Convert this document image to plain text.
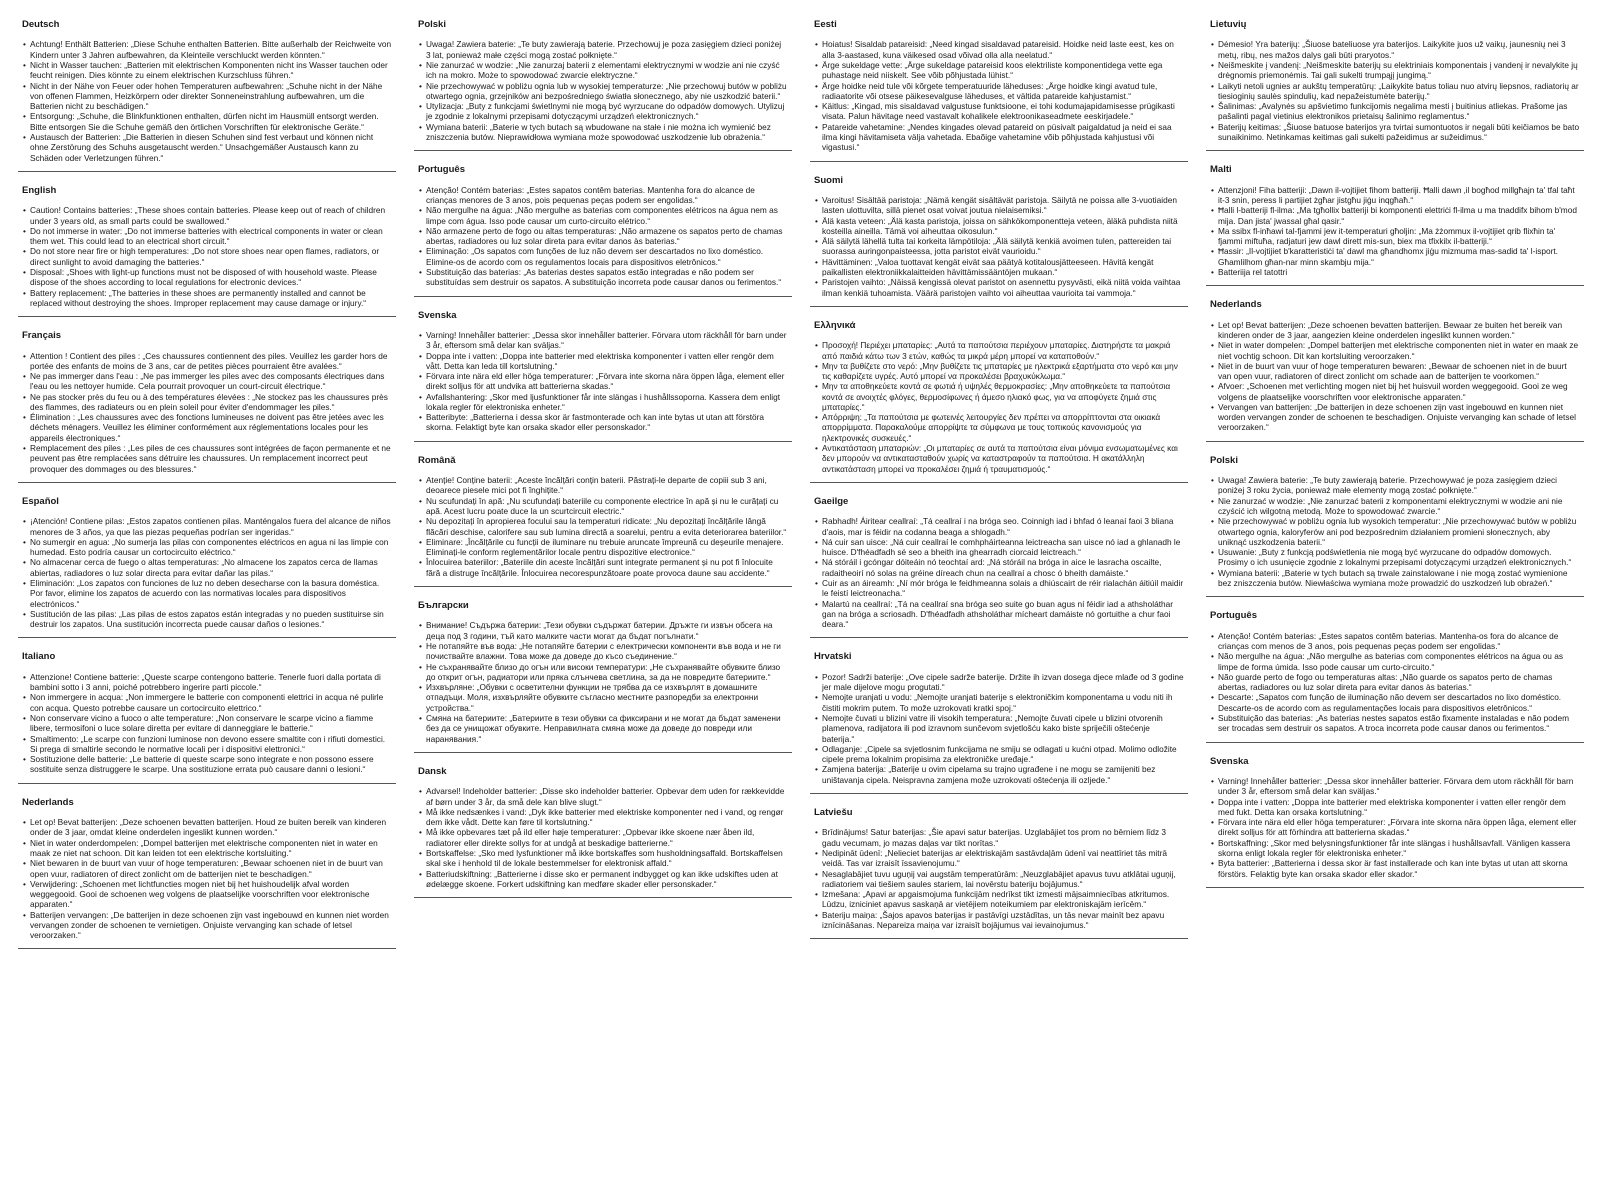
Deutsch
• Achtung! Enthält Batterien: „Diese Schuhe enthalten Batterien. Bitte außerhalb der Reichweite von Kindern unter 3 Jahren aufbewahren, da Kleinteile verschluckt werden könnten.“
• Nicht in Wasser tauchen: „Batterien mit elektrischen Komponenten nicht ins Wasser tauchen oder feucht reinigen. Dies könnte zu einem elektrischen Kurzschluss führen.“
• Nicht in der Nähe von Feuer oder hohen Temperaturen aufbewahren: „Schuhe nicht in der Nähe von offenen Flammen, Heizkörpern oder direkter Sonneneinstrahlung aufbewahren, um die Batterien nicht zu beschädigen.“
• Entsorgung: „Schuhe, die Blinkfunktionen enthalten, dürfen nicht im Hausmüll entsorgt werden. Bitte entsorgen Sie die Schuhe gemäß den örtlichen Vorschriften für elektronische Geräte.“
• Austausch der Batterien: „Die Batterien in diesen Schuhen sind fest verbaut und können nicht ohne Zerstörung des Schuhs ausgetauscht werden.“ Unsachgemäßer Austausch kann zu Schäden oder Verletzungen führen.“
English
• Caution! Contains batteries: „These shoes contain batteries. Please keep out of reach of children under 3 years old, as small parts could be swallowed.“
• Do not immerse in water: „Do not immerse batteries with electrical components in water or clean them wet. This could lead to an electrical short circuit.“
• Do not store near fire or high temperatures: „Do not store shoes near open flames, radiators, or direct sunlight to avoid damaging the batteries.“
• Disposal: „Shoes with light-up functions must not be disposed of with household waste. Please dispose of the shoes according to local regulations for electronic devices.“
• Battery replacement: „The batteries in these shoes are permanently installed and cannot be replaced without destroying the shoes. Improper replacement may cause damage or injury.“
Français
• Attention ! Contient des piles : „Ces chaussures contiennent des piles. Veuillez les garder hors de portée des enfants de moins de 3 ans, car de petites pièces pourraient être avalées.“
• Ne pas immerger dans l'eau : „Ne pas immerger les piles avec des composants électriques dans l'eau ou les nettoyer humide. Cela pourrait provoquer un court-circuit électrique.“
• Ne pas stocker près du feu ou à des températures élevées : „Ne stockez pas les chaussures près des flammes, des radiateurs ou en plein soleil pour éviter d'endommager les piles.“
• Élimination : „Les chaussures avec des fonctions lumineuses ne doivent pas être jetées avec les déchets ménagers. Veuillez les éliminer conformément aux réglementations locales pour les appareils électroniques.“
• Remplacement des piles : „Les piles de ces chaussures sont intégrées de façon permanente et ne peuvent pas être remplacées sans détruire les chaussures. Un remplacement incorrect peut provoquer des dommages ou des blessures.“
Español
• ¡Atención! Contiene pilas: „Estos zapatos contienen pilas. Manténgalos fuera del alcance de niños menores de 3 años, ya que las piezas pequeñas podrían ser ingeridas.“
• No sumergir en agua: „No sumerja las pilas con componentes eléctricos en agua ni las limpie con humedad. Esto podría causar un cortocircuito eléctrico.“
• No almacenar cerca de fuego o altas temperaturas: „No almacene los zapatos cerca de llamas abiertas, radiadores o luz solar directa para evitar dañar las pilas.“
• Eliminación: „Los zapatos con funciones de luz no deben desecharse con la basura doméstica. Por favor, elimine los zapatos de acuerdo con las normativas locales para dispositivos electrónicos.“
• Sustitución de las pilas: „Las pilas de estos zapatos están integradas y no pueden sustituirse sin destruir los zapatos. Una sustitución incorrecta puede causar daños o lesiones.“
Italiano
• Attenzione! Contiene batterie: „Queste scarpe contengono batterie. Tenerle fuori dalla portata di bambini sotto i 3 anni, poiché potrebbero ingerire parti piccole.“
• Non immergere in acqua: „Non immergere le batterie con componenti elettrici in acqua né pulirle con acqua. Questo potrebbe causare un cortocircuito elettrico.“
• Non conservare vicino a fuoco o alte temperature: „Non conservare le scarpe vicino a fiamme libere, termosifoni o luce solare diretta per evitare di danneggiare le batterie.“
• Smaltimento: „Le scarpe con funzioni luminose non devono essere smaltite con i rifiuti domestici. Si prega di smaltirle secondo le normative locali per i dispositivi elettronici.“
• Sostituzione delle batterie: „Le batterie di queste scarpe sono integrate e non possono essere sostituite senza distruggere le scarpe. Una sostituzione errata può causare danni o lesioni.“
Nederlands
• Let op! Bevat batterijen: „Deze schoenen bevatten batterijen. Houd ze buiten bereik van kinderen onder de 3 jaar, omdat kleine onderdelen ingeslikt kunnen worden.“
• Niet in water onderdompelen: „Dompel batterijen met elektrische componenten niet in water en maak ze niet nat schoon. Dit kan leiden tot een elektrische kortsluiting.“
• Niet bewaren in de buurt van vuur of hoge temperaturen: „Bewaar schoenen niet in de buurt van open vuur, radiatoren of direct zonlicht om de batterijen niet te beschadigen.“
• Verwijdering: „Schoenen met lichtfuncties mogen niet bij het huishoudelijk afval worden weggegooid. Gooi de schoenen weg volgens de plaatselijke voorschriften voor elektronische apparaten.“
• Batterijen vervangen: „De batterijen in deze schoenen zijn vast ingebouwd en kunnen niet worden vervangen zonder de schoenen te vernietigen. Onjuiste vervanging kan schade of letsel veroorzaken.“
Polski
• Uwaga! Zawiera baterie: „Te buty zawierają baterie. Przechowuj je poza zasięgiem dzieci poniżej 3 lat, ponieważ małe części mogą zostać połknięte.“
• Nie zanurzać w wodzie: „Nie zanurzaj baterii z elementami elektrycznymi w wodzie ani nie czyść ich na mokro. Może to spowodować zwarcie elektryczne.“
• Nie przechowywać w pobliżu ognia lub w wysokiej temperaturze: „Nie przechowuj butów w pobliżu otwartego ognia, grzejników ani bezpośredniego światła słonecznego, aby nie uszkodzić baterii.“
• Utylizacja: „Buty z funkcjami świetlnymi nie mogą być wyrzucane do odpadów domowych. Utylizuj je zgodnie z lokalnymi przepisami dotyczącymi urządzeń elektronicznych.“
• Wymiana baterii: „Baterie w tych butach są wbudowane na stałe i nie można ich wymienić bez zniszczenia butów. Nieprawidłowa wymiana może spowodować uszkodzenie lub obrażenia.“
Português
• Atenção! Contém baterias: „Estes sapatos contêm baterias. Mantenha fora do alcance de crianças menores de 3 anos, pois pequenas peças podem ser engolidas.“
• Não mergulhe na água: „Não mergulhe as baterias com componentes elétricos na água nem as limpe com água. Isso pode causar um curto-circuito elétrico.“
• Não armazene perto de fogo ou altas temperaturas: „Não armazene os sapatos perto de chamas abertas, radiadores ou luz solar direta para evitar danos às baterias.“
• Eliminação: „Os sapatos com funções de luz não devem ser descartados no lixo doméstico. Elimine-os de acordo com os regulamentos locais para dispositivos eletrônicos.“
• Substituição das baterias: „As baterias destes sapatos estão integradas e não podem ser substituídas sem destruir os sapatos. A substituição incorreta pode causar danos ou ferimentos.“
Svenska
• Varning! Innehåller batterier: „Dessa skor innehåller batterier. Förvara utom räckhåll för barn under 3 år, eftersom små delar kan sväljas.“
• Doppa inte i vatten: „Doppa inte batterier med elektriska komponenter i vatten eller rengör dem vått. Detta kan leda till kortslutning.“
• Förvara inte nära eld eller höga temperaturer: „Förvara inte skorna nära öppen låga, element eller direkt solljus för att undvika att batterierna skadas.“
• Avfallshantering: „Skor med ljusfunktioner får inte slängas i hushållssoporna. Kassera dem enligt lokala regler för elektroniska enheter.“
• Batteribyte: „Batterierna i dessa skor är fastmonterade och kan inte bytas ut utan att förstöra skorna. Felaktigt byte kan orsaka skador eller personskador.“
Română
• Atenție! Conține baterii: „Aceste încălțări conțin baterii. Păstrați-le departe de copiii sub 3 ani, deoarece piesele mici pot fi înghițite.“
• Nu scufundați în apă: „Nu scufundați bateriile cu componente electrice în apă și nu le curățați cu apă. Acest lucru poate duce la un scurtcircuit electric.“
• Nu depozitați în apropierea focului sau la temperaturi ridicate: „Nu depozitați încălțările lângă flăcări deschise, calorifere sau sub lumina directă a soarelui, pentru a evita deteriorarea bateriilor.“
• Eliminare: „Încălțările cu funcții de iluminare nu trebuie aruncate împreună cu deșeurile menajere. Eliminați-le conform reglementărilor locale pentru dispozitive electronice.“
• Înlocuirea bateriilor: „Bateriile din aceste încălțări sunt integrate permanent și nu pot fi înlocuite fără a distruge încălțările. Înlocuirea necorespunzătoare poate provoca daune sau accidente.“
Български
• Внимание! Съдържа батерии: „Тези обувки съдържат батерии. Дръжте ги извън обсега на деца под 3 години, тъй като малките части могат да бъдат погълнати.“
• Не потапяйте във вода: „Не потапяйте батерии с електрически компоненти във вода и не ги почиствайте влажни. Това може да доведе до късо съединение.“
• Не съхранявайте близо до огън или високи температури: „Не съхранявайте обувките близо до открит огън, радиатори или пряка слънчева светлина, за да не повредите батериите.“
• Изхвърляне: „Обувки с осветителни функции не трябва да се изхвърлят в домашните отпадъци. Моля, изхвърляйте обувките съгласно местните разпоредби за електронни устройства.“
• Смяна на батериите: „Батериите в тези обувки са фиксирани и не могат да бъдат заменени без да се унищожат обувките. Неправилната смяна може да доведе до повреди или наранявания.“
Dansk
• Advarsel! Indeholder batterier: „Disse sko indeholder batterier. Opbevar dem uden for rækkevidde af børn under 3 år, da små dele kan blive slugt.“
• Må ikke nedsænkes i vand: „Dyk ikke batterier med elektriske komponenter ned i vand, og rengør dem ikke vådt. Dette kan føre til kortslutning.“
• Må ikke opbevares tæt på ild eller høje temperaturer: „Opbevar ikke skoene nær åben ild, radiatorer eller direkte sollys for at undgå at beskadige batterierne.“
• Bortskaffelse: „Sko med lysfunktioner må ikke bortskaffes som husholdningsaffald. Bortskaffelsen skal ske i henhold til de lokale bestemmelser for elektronisk affald.“
• Batteriudskiftning: „Batterierne i disse sko er permanent indbygget og kan ikke udskiftes uden at ødelægge skoene. Forkert udskiftning kan medføre skader eller personskader.“
Eesti
• Hoiatus! Sisaldab patareisid: „Need kingad sisaldavad patareisid. Hoidke neid laste eest, kes on alla 3-aastased, kuna väikesed osad võivad olla alla neelatud.“
• Ärge sukeldage vette: „Ärge sukeldage patareisid koos elektriliste komponentidega vette ega puhastage neid niiskelt. See võib põhjustada lühist.“
• Ärge hoidke neid tule või kõrgete temperatuuride läheduses: „Ärge hoidke kingi avatud tule, radiaatorite või otsese päikesevalguse läheduses, et vältida patareide kahjustamist.“
• Käitlus: „Kingad, mis sisaldavad valgustuse funktsioone, ei tohi kodumajapidamisesse prügikasti visata. Palun hävitage need vastavalt kohalikele elektroonikaseadmete eeskirjadele.“
• Patareide vahetamine: „Nendes kingades olevad patareid on püsivalt paigaldatud ja neid ei saa ilma kingi hävitamiseta välja vahetada. Ebaõige vahetamine võib põhjustada kahjustusi või vigastusi.“
Suomi
• Varoitus! Sisältää paristoja: „Nämä kengät sisältävät paristoja. Säilytä ne poissa alle 3-vuotiaiden lasten ulottuvilta, sillä pienet osat voivat joutua nielaisemiksi.“
• Älä kasta veteen: „Älä kasta paristoja, joissa on sähkökomponentteja veteen, äläkä puhdista niitä kosteilla aineilla. Tämä voi aiheuttaa oikosulun.“
• Älä säilytä lähellä tulta tai korkeita lämpötiloja: „Älä säilytä kenkiä avoimen tulen, pattereiden tai suorassa auringonpaisteessa, jotta paristot eivät vaurioidu.“
• Hävittäminen: „Valoa tuottavat kengät eivät saa päätyä kotitalousjätteeseen. Hävitä kengät paikallisten elektroniikkalaitteiden hävittämissääntöjen mukaan.“
• Paristojen vaihto: „Näissä kengissä olevat paristot on asennettu pysyvästi, eikä niitä voida vaihtaa ilman kenkiä tuhoamista. Väärä paristojen vaihto voi aiheuttaa vaurioita tai vammoja.“
Ελληνικά
• Προσοχή! Περιέχει μπαταρίες: „Αυτά τα παπούτσια περιέχουν μπαταρίες. Διατηρήστε τα μακριά από παιδιά κάτω των 3 ετών, καθώς τα μικρά μέρη μπορεί να καταποθούν.“
• Μην τα βυθίζετε στο νερό: „Μην βυθίζετε τις μπαταρίες με ηλεκτρικά εξαρτήματα στο νερό και μην τις καθαρίζετε υγρές. Αυτό μπορεί να προκαλέσει βραχυκύκλωμα.“
• Μην τα αποθηκεύετε κοντά σε φωτιά ή υψηλές θερμοκρασίες: „Μην αποθηκεύετε τα παπούτσια κοντά σε ανοιχτές φλόγες, θερμοσίφωνες ή άμεσο ηλιακό φως, για να αποφύγετε ζημιά στις μπαταρίες.“
• Απόρριψη: „Τα παπούτσια με φωτεινές λειτουργίες δεν πρέπει να απορρίπτονται στα οικιακά απορρίμματα. Παρακαλούμε απορρίψτε τα σύμφωνα με τους τοπικούς κανονισμούς για ηλεκτρονικές συσκευές.“
• Αντικατάσταση μπαταριών: „Οι μπαταρίες σε αυτά τα παπούτσια είναι μόνιμα ενσωματωμένες και δεν μπορούν να αντικατασταθούν χωρίς να καταστραφούν τα παπούτσια. Η ακατάλληλη αντικατάσταση μπορεί να προκαλέσει ζημιά ή τραυματισμούς.“
Gaeilge
• Rabhadh! Áiritear ceallraí: „Tá ceallraí i na bróga seo. Coinnigh iad i bhfad ó leanaí faoi 3 bliana d'aois, mar is féidir na codanna beaga a shlogadh.“
• Ná cuir san uisce: „Ná cuir ceallraí le comhpháirteanna leictreacha san uisce nó iad a ghlanadh le huisce. D'fhéadfadh sé seo a bheith ina ghearradh ciorcaid leictreach.“
• Ná stóráil i gcóngar dóiteáin nó teochtaí ard: „Ná stóráil na bróga in aice le lasracha oscailte, radaitheoirí nó solas na gréine díreach chun na ceallraí a chosc ó bheith damáiste.“
• Cuir as an áireamh: „Ní mór bróga le feidhmeanna solais a dhiúscairt de réir rialachán áitiúil maidir le feistí leictreonacha.“
• Malartú na ceallraí: „Tá na ceallraí sna bróga seo suite go buan agus ní féidir iad a athsholáthar gan na bróga a scriosadh. D'fhéadfadh athsholáthar mícheart damáiste nó gortuithe a chur faoi deara.“
Hrvatski
• Pozor! Sadrži baterije: „Ove cipele sadrže baterije. Držite ih izvan dosega djece mlađe od 3 godine jer male dijelove mogu progutati.“
• Nemojte uranjati u vodu: „Nemojte uranjati baterije s elektroničkim komponentama u vodu niti ih čistiti mokrim putem. To može uzrokovati kratki spoj.“
• Nemojte čuvati u blizini vatre ili visokih temperatura: „Nemojte čuvati cipele u blizini otvorenih plamenova, radijatora ili pod izravnom sunčevom svjetlošću kako biste spriječili oštećenje baterija.“
• Odlaganje: „Cipele sa svjetlosnim funkcijama ne smiju se odlagati u kućni otpad. Molimo odložite cipele prema lokalnim propisima za elektroničke uređaje.“
• Zamjena baterija: „Baterije u ovim cipelama su trajno ugrađene i ne mogu se zamijeniti bez uništavanja cipela. Neispravna zamjena može uzrokovati oštećenja ili ozljede.“
Latviešu
• Brīdinājums! Satur baterijas: „Šie apavi satur baterijas. Uzglabājiet tos prom no bērniem līdz 3 gadu vecumam, jo mazas daļas var tikt norītas.“
• Nedipināt ūdenī: „Nelieciet baterijas ar elektriskajām sastāvdaļām ūdenī vai neattīriet tās mitrā veidā. Tas var izraisīt īssavienojumu.“
• Nesaglabājiet tuvu uguņij vai augstām temperatūrām: „Neuzglabājiet apavus tuvu atklātai uguņij, radiatoriem vai tiešiem saules stariem, lai novērstu bateriju bojājumus.“
• Izmešana: „Apavi ar apgaismojuma funkcijām nedrīkst tikt izmesti mājsaimniecības atkritumos. Lūdzu, izniciniet apavus saskaņā ar vietējiem noteikumiem par elektroniskajām ierīcēm.“
• Bateriju maiņa: „Šajos apavos baterijas ir pastāvīgi uzstādītas, un tās nevar mainīt bez apavu iznīcināšanas. Nepareiza maiņa var izraisīt bojājumus vai ievainojumus.“
Lietuvių
• Dėmesio! Yra baterijų: „Šiuose bateliuose yra baterijos. Laikykite juos už vaikų, jaunesnių nei 3 metų, ribų, nes mažos dalys gali būti praryotos.“
• Neišmeskite į vandenį: „Neišmeskite baterijų su elektriniais komponentais į vandenį ir nevalykite jų drėgnomis priemonėmis. Tai gali sukelti trumpąjį jungimą.“
• Laikyti netoli ugnies ar aukštų temperatūrų: „Laikykite batus toliau nuo atvirų liepsnos, radiatorių ar tiesioginių saulės spindulių, kad nepažeistumėte baterijų.“
• Šalinimas: „Avalynės su apšvietimo funkcijomis negalima mesti į buitinius atliekas. Prašome jas pašalinti pagal vietinius elektronikos prietaisų šalinimo reglamentus.“
• Baterijų keitimas: „Šiuose batuose baterijos yra tvirtai sumontuotos ir negali būti keičiamos be bato sunaikinimo. Netinkamas keitimas gali sukelti pažeidimus ar sužeidimus.“
Malti
• Attenzjoni! Fiha batteriji: „Dawn il-vojtijiet fihom batteriji. Ħalli dawn ‚il bogħod millgħajn ta' tfal taħt it-3 snin, peress li partijiet żgħar jistgħu jiġu inqgħaħ.“
• Ħalli l-batteriji fl-ilma: „Ma tgħollix batteriji bi komponenti elettriċi fl-ilma u ma tnaddifx bihom b'mod mija. Dan jista' jwassal għal qasir.“
• Ma ssibx fl-inħawi tal-fjammi jew it-temperaturi għoljin: „Ma żżommux il-vojtijiet qrib flixħin ta' fjammi miftuħa, radjaturi jew dawl dirett mis-sun, biex ma tfixkilx il-batteriji.“
• Ħassir: „Il-vojtijiet b'karatteristiċi ta' dawl ma għandhomx jiġu mizmuma mas-sadid ta' l-isport. Għamlilhom għan-nar minn skambju mija.“
• Batteriija rel tatottri
Nederlands
• Let op! Bevat batterijen: „Deze schoenen bevatten batterijen. Bewaar ze buiten het bereik van kinderen onder de 3 jaar, aangezien kleine onderdelen ingeslikt kunnen worden.“
• Niet in water dompelen: „Dompel batterijen met elektrische componenten niet in water en maak ze niet vochtig schoon. Dit kan kortsluiting veroorzaken.“
• Niet in de buurt van vuur of hoge temperaturen bewaren: „Bewaar de schoenen niet in de buurt van open vuur, radiatoren of direct zonlicht om schade aan de batterijen te voorkomen.“
• Afvoer: „Schoenen met verlichting mogen niet bij het huisvuil worden weggegooid. Gooi ze weg volgens de plaatselijke voorschriften voor elektronische apparaten.“
• Vervangen van batterijen: „De batterijen in deze schoenen zijn vast ingebouwd en kunnen niet worden vervangen zonder de schoenen te beschadigen. Onjuiste vervanging kan schade of letsel veroorzaken.“
Polski
• Uwaga! Zawiera baterie: „Te buty zawierają baterie. Przechowywać je poza zasięgiem dzieci poniżej 3 roku życia, ponieważ małe elementy mogą zostać połknięte.“
• Nie zanurzać w wodzie: „Nie zanurzać baterii z komponentami elektrycznymi w wodzie ani nie czyścić ich wilgotną metodą. Może to spowodować zwarcie.“
• Nie przechowywać w pobliżu ognia lub wysokich temperatur: „Nie przechowywać butów w pobliżu otwartego ognia, kaloryferów ani pod bezpośrednim działaniem promieni słonecznych, aby uniknąć uszkodzenia baterii.“
• Usuwanie: „Buty z funkcją podświetlenia nie mogą być wyrzucane do odpadów domowych. Prosimy o ich usunięcie zgodnie z lokalnymi przepisami dotyczącymi urządzeń elektronicznych.“
• Wymiana baterii: „Baterie w tych butach są trwale zainstalowane i nie mogą zostać wymienione bez zniszczenia butów. Niewłaściwa wymiana może prowadzić do uszkodzeń lub obrażeń.“
Português
• Atenção! Contém baterias: „Estes sapatos contêm baterias. Mantenha-os fora do alcance de crianças com menos de 3 anos, pois pequenas peças podem ser engolidas.“
• Não mergulhe na água: „Não mergulhe as baterias com componentes elétricos na água ou as limpe de forma úmida. Isso pode causar um curto-circuito.“
• Não guarde perto de fogo ou temperaturas altas: „Não guarde os sapatos perto de chamas abertas, radiadores ou luz solar direta para evitar danos às baterias.“
• Descarte: „Sapatos com função de iluminação não devem ser descartados no lixo doméstico. Descarte-os de acordo com as regulamentações locais para dispositivos eletrônicos.“
• Substituição das baterias: „As baterias nestes sapatos estão fixamente instaladas e não podem ser trocadas sem destruir os sapatos. A troca incorreta pode causar danos ou ferimentos.“
Svenska
• Varning! Innehåller batterier: „Dessa skor innehåller batterier. Förvara dem utom räckhåll för barn under 3 år, eftersom små delar kan sväljas.“
• Doppa inte i vatten: „Doppa inte batterier med elektriska komponenter i vatten eller rengör dem med fukt. Detta kan orsaka kortslutning.“
• Förvara inte nära eld eller höga temperaturer: „Förvara inte skorna nära öppen låga, element eller direkt solljus för att förhindra att batterierna skadas.“
• Bortskaffning: „Skor med belysningsfunktioner får inte slängas i hushållsavfall. Vänligen kassera skorna enligt lokala regler för elektroniska enheter.“
• Byta batterier: „Batterierna i dessa skor är fast installerade och kan inte bytas ut utan att skorna förstörs. Felaktig byte kan orsaka skador eller skador.“
